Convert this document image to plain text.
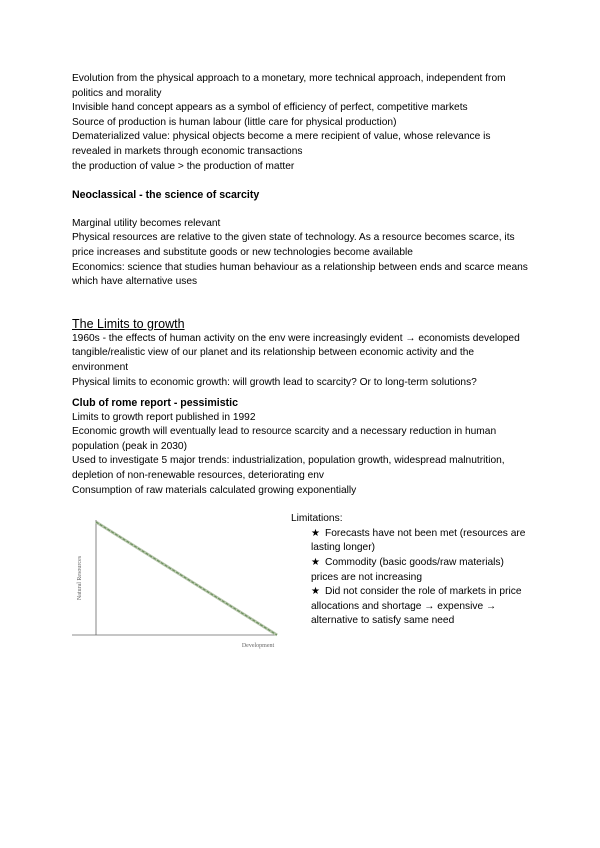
Evolution from the physical approach to a monetary, more technical approach, independent from politics and morality

Invisible hand concept appears as a symbol of efficiency of perfect, competitive markets

Source of production is human labour (little care for physical production)

Dematerialized value: physical objects become a mere recipient of value, whose relevance is revealed in markets through economic transactions

the production of value > the production of matter

Neoclassical - the science of scarcity

Marginal utility becomes relevant

Physical resources are relative to the given state of technology. As a resource becomes scarce, its price increases and substitute goods or new technologies become available

Economics: science that studies human behaviour as a relationship between ends and scarce means which have alternative uses

The Limits to growth

1960s - the effects of human activity on the env were increasingly evident → economists developed tangible/realistic view of our planet and its relationship between economic activity and the environment

Physical limits to economic growth: will growth lead to scarcity? Or to long-term solutions?

Club of rome report - pessimistic

Limits to growth report published in 1992

Economic growth will eventually lead to resource scarcity and a necessary reduction in human population (peak in 2030)

Used to investigate 5 major trends: industrialization, population growth, widespread malnutrition, depletion of non-renewable resources, deteriorating env

Consumption of raw materials calculated growing exponentially

Natural Resources
Development

Limitations:

★ Forecasts have not been met (resources are lasting longer)

★ Commodity (basic goods/raw materials) prices are not increasing

★ Did not consider the role of markets in price allocations and shortage → expensive → alternative to satisfy same need
